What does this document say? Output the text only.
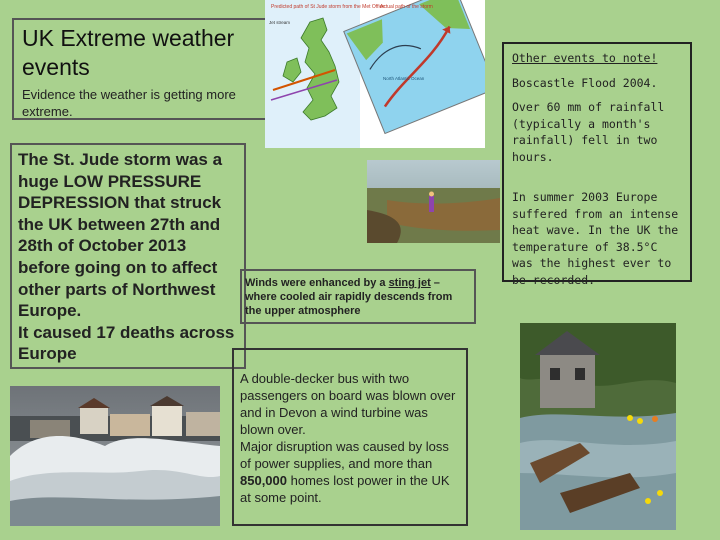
UK Extreme weather events

Evidence the weather is getting more extreme.

Predicted path of St Jude storm from the Met Office
Jet stream
Actual path of the storm
North Atlantic Ocean

The St. Jude storm was a huge LOW PRESSURE DEPRESSION that struck the UK between 27th and 28th of October 2013 before going on to affect other parts of Northwest Europe.

It caused 17 deaths across Europe

Winds were enhanced by a sting jet – where cooled air rapidly descends from the upper atmosphere

A double-decker bus with two passengers on board was blown over and in Devon a wind turbine was blown over.

Major disruption was caused by loss of power supplies, and more than 850,000 homes lost power in the UK at some point.

Other events to note!

Boscastle Flood 2004.

Over 60 mm of rainfall (typically a month's rainfall) fell in two hours.

In summer 2003 Europe suffered from an intense heat wave. In the UK the temperature of 38.5°C was the highest ever to be recorded.
